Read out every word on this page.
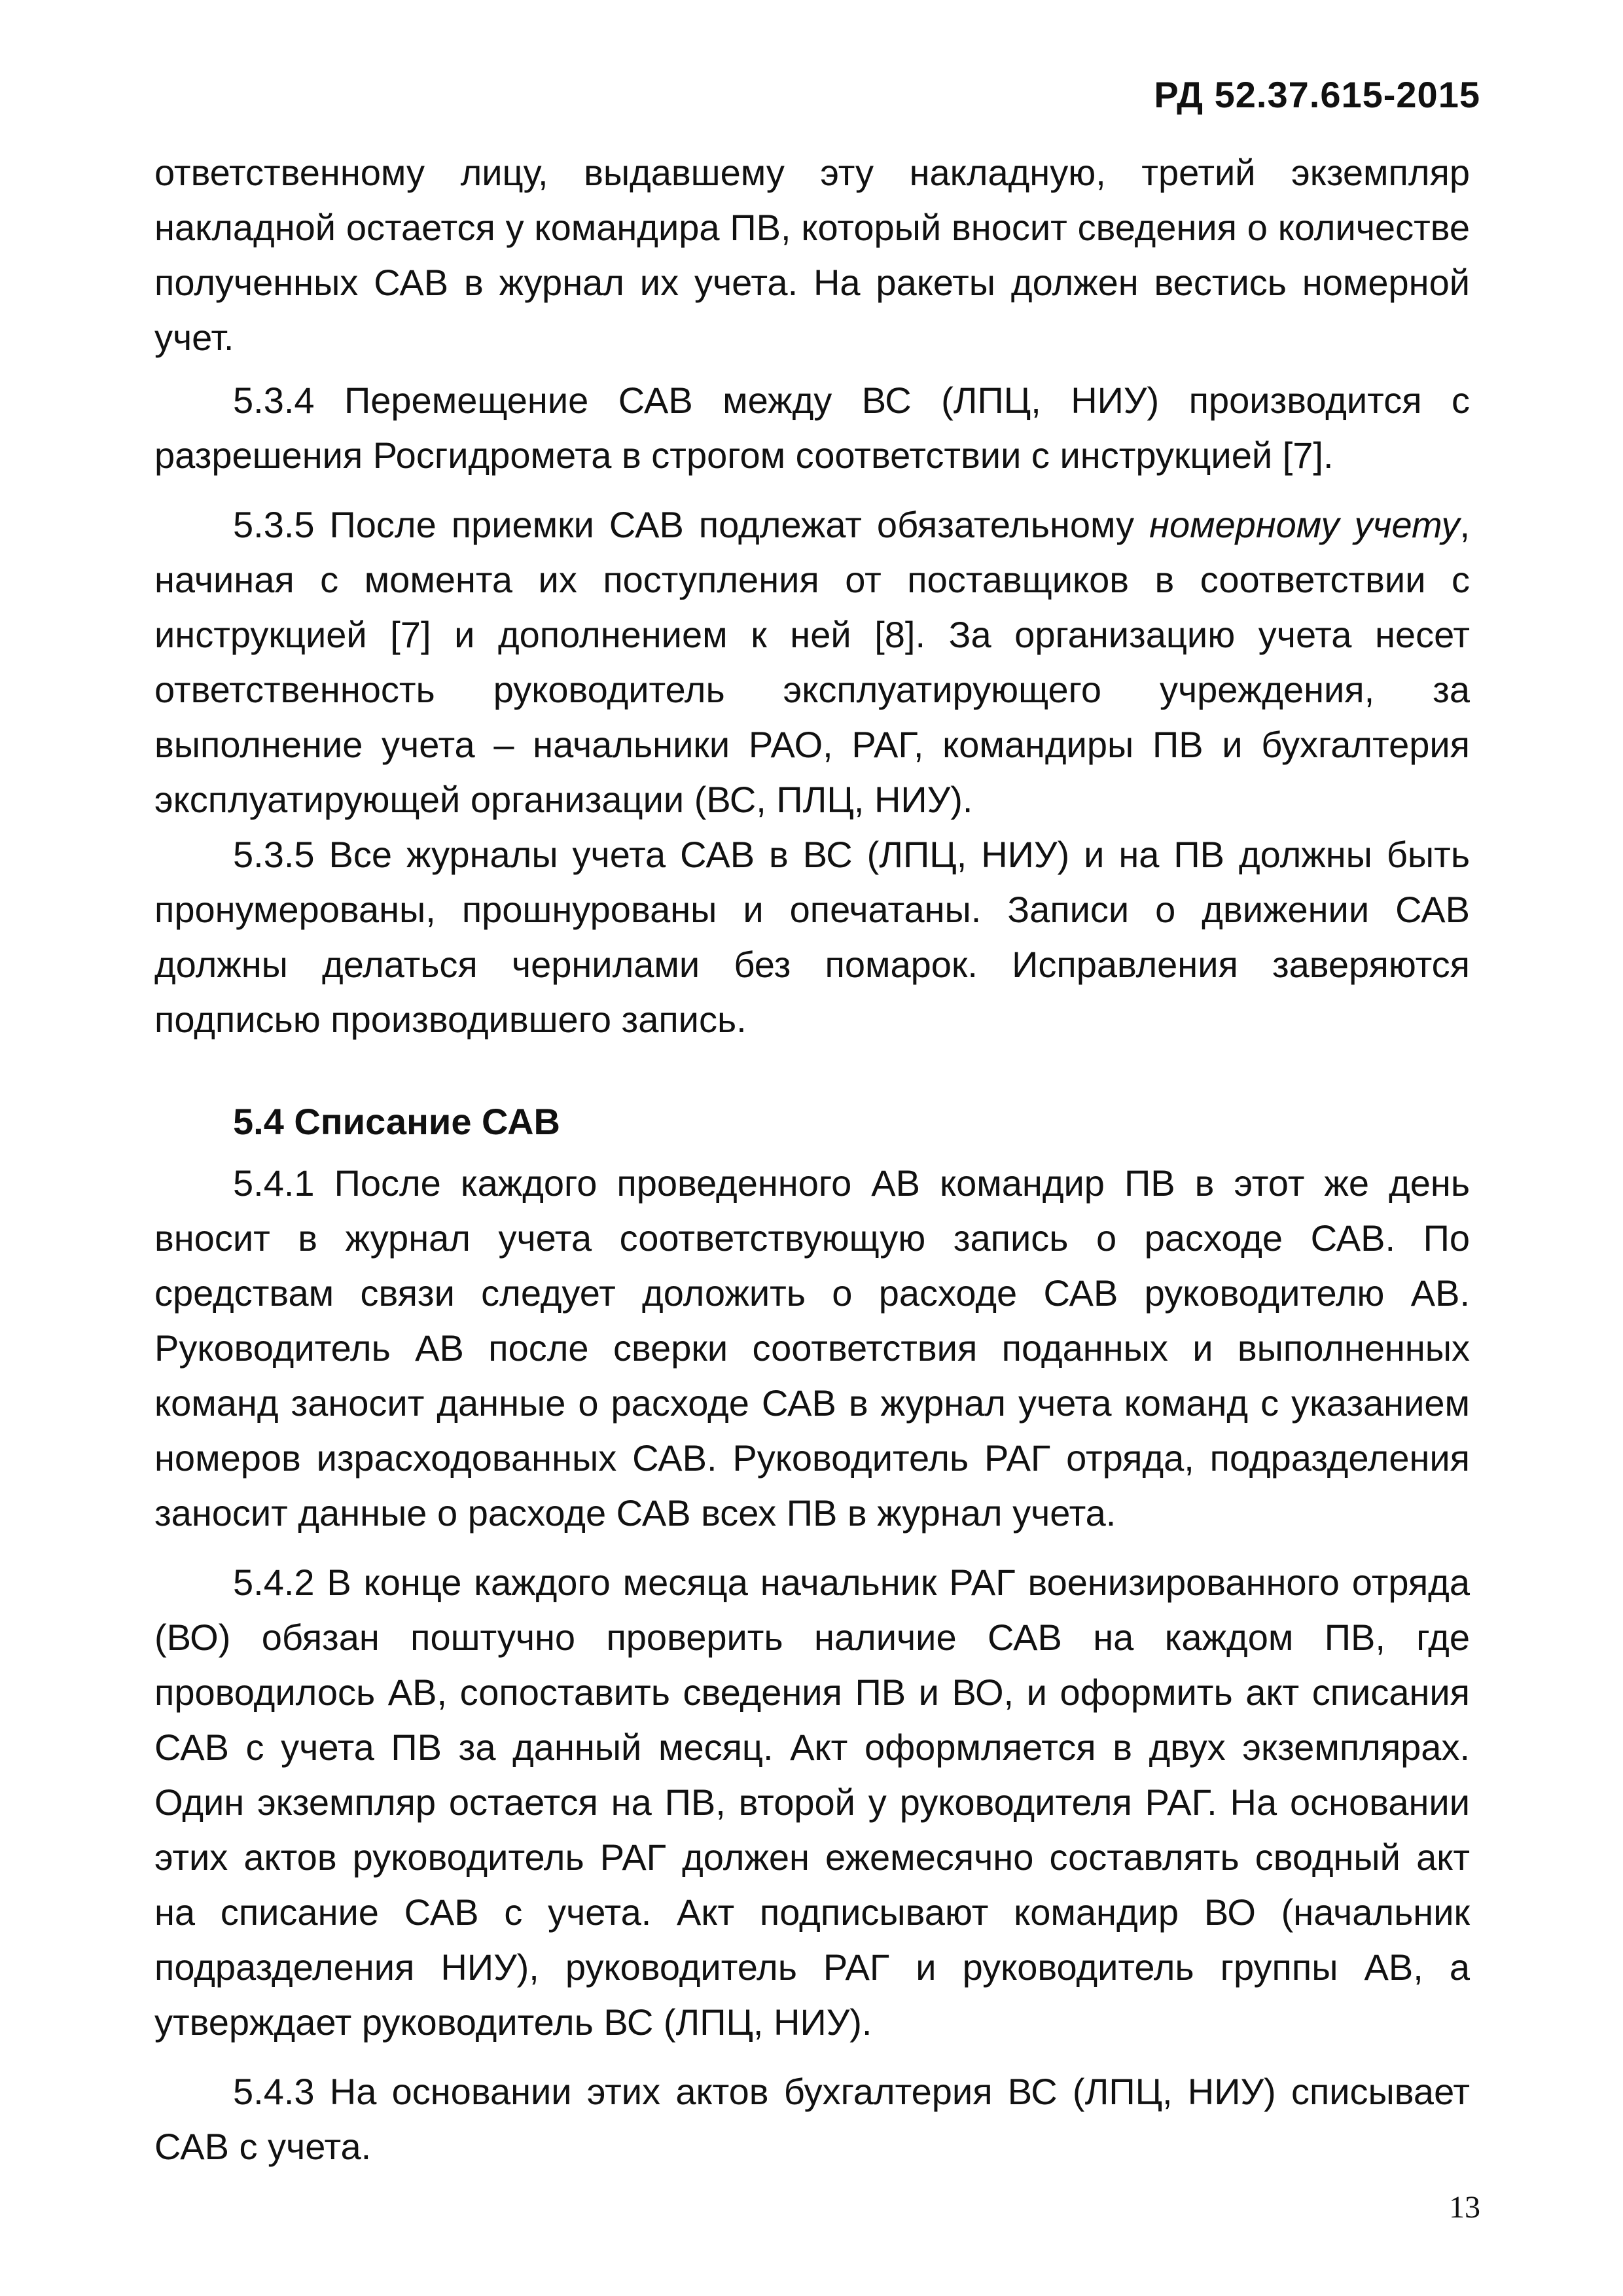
РД 52.37.615-2015

ответственному лицу, выдавшему эту накладную, третий экземпляр накладной остается у командира ПВ, который вносит сведения о количестве полученных САВ в журнал их учета. На ракеты должен вестись номерной учет.

5.3.4 Перемещение САВ между ВС (ЛПЦ, НИУ) производится с разрешения Росгидромета в строгом соответствии с инструкцией [7].

5.3.5 После приемки САВ подлежат обязательному номерному учету, начиная с момента их поступления от поставщиков в соответствии с инструкцией [7] и дополнением к ней [8]. За организацию учета несет ответственность руководитель эксплуатирующего учреждения, за выполнение учета – начальники РАО, РАГ, командиры ПВ и бухгалтерия эксплуатирующей организации (ВС, ПЛЦ, НИУ).

5.3.5 Все журналы учета САВ в ВС (ЛПЦ, НИУ) и на ПВ должны быть пронумерованы, прошнурованы и опечатаны. Записи о движении САВ должны делаться чернилами без помарок. Исправления заверяются подписью производившего запись.

5.4 Списание САВ

5.4.1 После каждого проведенного АВ командир ПВ в этот же день вносит в журнал учета соответствующую запись о расходе САВ. По средствам связи следует доложить о расходе САВ руководителю АВ. Руководитель АВ после сверки соответствия поданных и выполненных команд заносит данные о расходе САВ в журнал учета команд с указанием номеров израсходованных САВ. Руководитель РАГ отряда, подразделения заносит данные о расходе САВ всех ПВ в журнал учета.

5.4.2 В конце каждого месяца начальник РАГ военизированного отряда (ВО) обязан поштучно проверить наличие САВ на каждом ПВ, где проводилось АВ, сопоставить сведения ПВ и ВО, и оформить акт списания САВ с учета ПВ за данный месяц. Акт оформляется в двух экземплярах. Один экземпляр остается на ПВ, второй у руководителя РАГ. На основании этих актов руководитель РАГ должен ежемесячно составлять сводный акт на списание САВ с учета. Акт подписывают командир ВО (начальник подразделения НИУ), руководитель РАГ и руководитель группы АВ, а утверждает руководитель ВС (ЛПЦ, НИУ).

5.4.3 На основании этих актов бухгалтерия ВС (ЛПЦ, НИУ) списывает САВ с учета.

13
